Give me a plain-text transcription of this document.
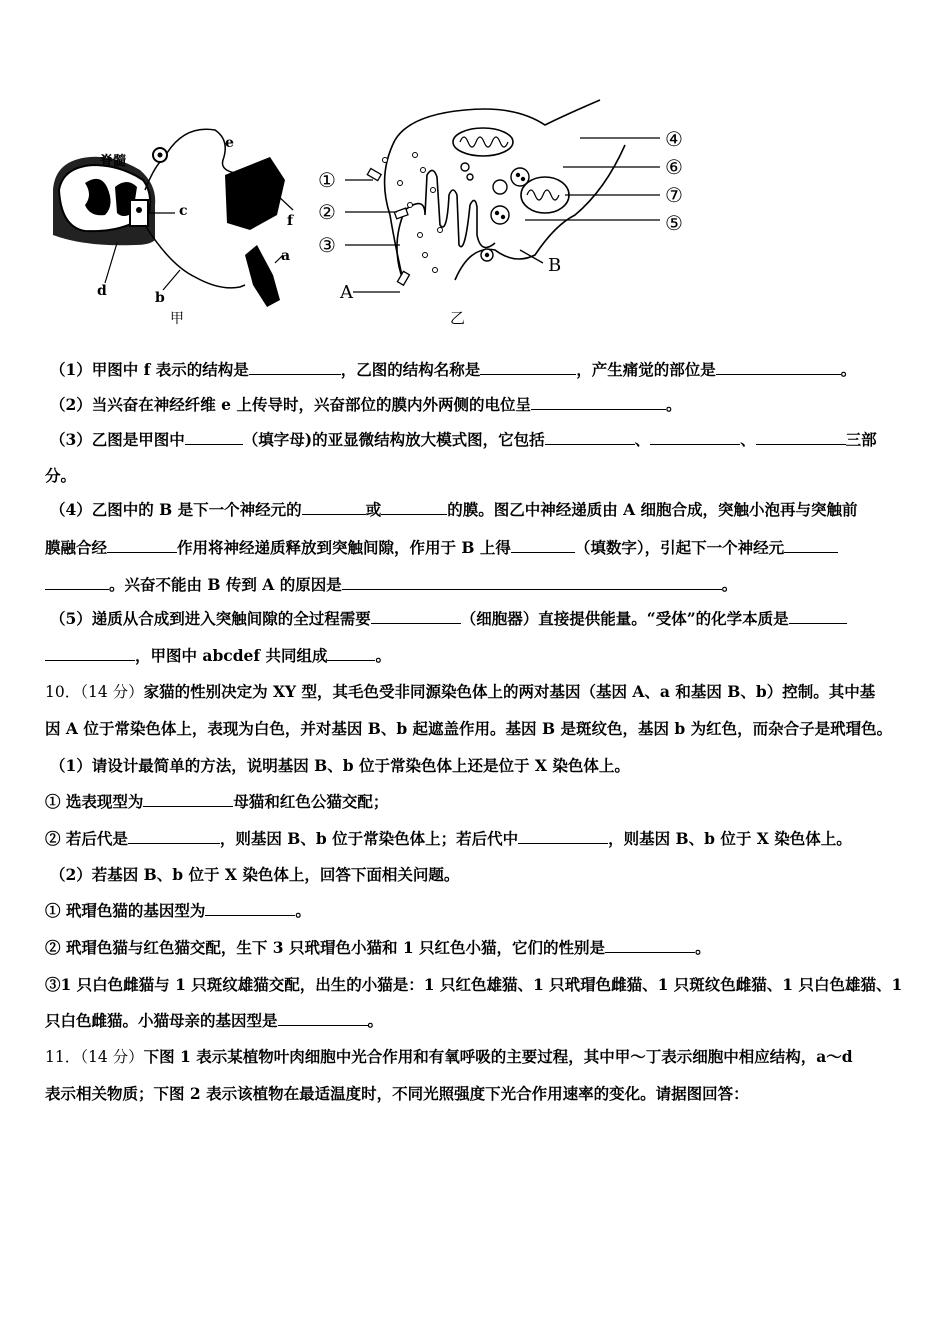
脊髓
e
f
c
a
b
d
甲
①
②
③
A
④
⑥
⑦
⑤
B
乙
（1）甲图中 f 表示的结构是	，乙图的结构名称是	，产生痛觉的部位是	。
（2）当兴奋在神经纤维 e 上传导时，兴奋部位的膜内外两侧的电位呈	。
（3）乙图是甲图中	（填字母)的亚显微结构放大模式图，它包括	、	、	三部
分。
（4）乙图中的 B 是下一个神经元的	或	的膜。图乙中神经递质由 A 细胞合成，突触小泡再与突触前
膜融合经	作用将神经递质释放到突触间隙，作用于 B 上得	（填数字），引起下一个神经元
。兴奋不能由 B 传到 A 的原因是	。
（5）递质从合成到进入突触间隙的全过程需要	（细胞器）直接提供能量。“受体”的化学本质是
，甲图中 abcdef 共同组成	。
10．（14 分）家猫的性别决定为 XY 型，其毛色受非同源染色体上的两对基因（基因 A、a 和基因 B、b）控制。其中基
因 A 位于常染色体上，表现为白色，并对基因 B、b 起遮盖作用。基因 B 是斑纹色，基因 b 为红色，而杂合子是玳瑁色。
（1）请设计最简单的方法，说明基因 B、b 位于常染色体上还是位于 X 染色体上。
① 选表现型为	母猫和红色公猫交配；
② 若后代是	，则基因 B、b 位于常染色体上；若后代中	，则基因 B、b 位于 X 染色体上。
（2）若基因 B、b 位于 X 染色体上，回答下面相关问题。
① 玳瑁色猫的基因型为	。
② 玳瑁色猫与红色猫交配，生下 3 只玳瑁色小猫和 1 只红色小猫，它们的性别是	。
③1 只白色雌猫与 1 只斑纹雄猫交配，出生的小猫是：1 只红色雄猫、1 只玳瑁色雌猫、1 只斑纹色雌猫、1 只白色雄猫、1
只白色雌猫。小猫母亲的基因型是	。
11．（14 分）下图 1 表示某植物叶肉细胞中光合作用和有氧呼吸的主要过程，其中甲～丁表示细胞中相应结构，a～d
表示相关物质；下图 2 表示该植物在最适温度时，不同光照强度下光合作用速率的变化。请据图回答：
